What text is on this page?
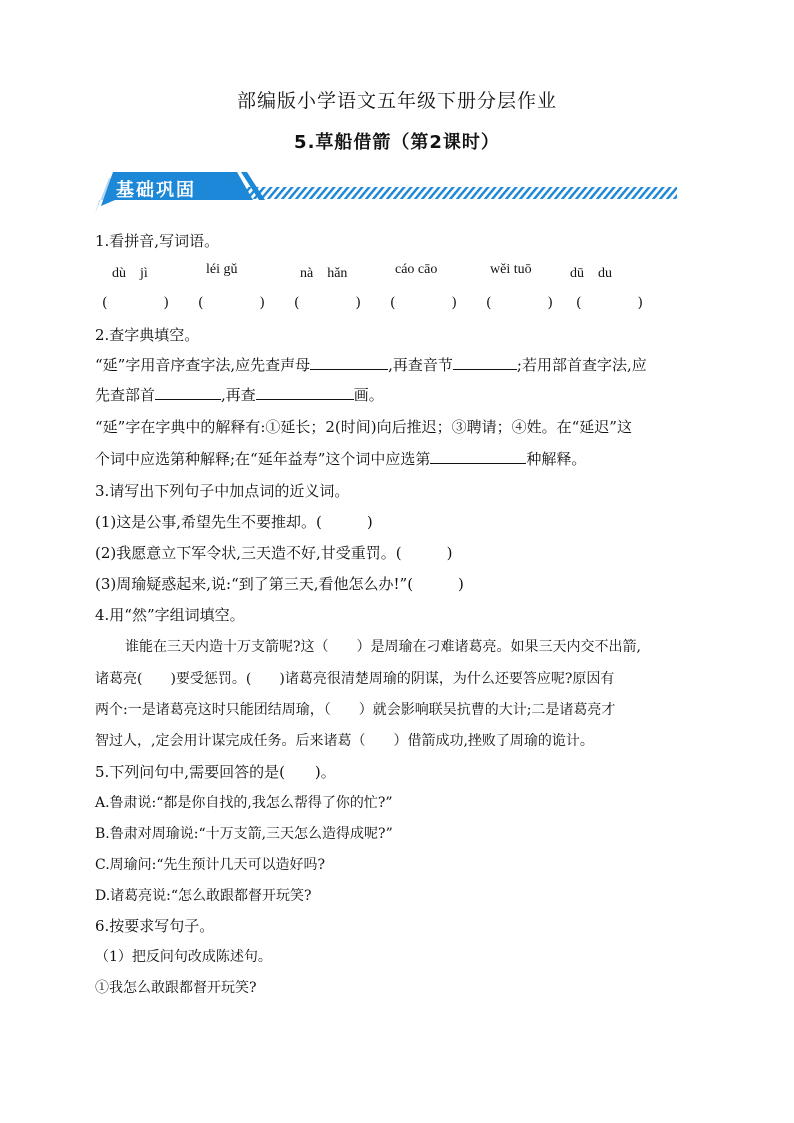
部编版小学语文五年级下册分层作业
5.草船借箭（第2课时）
基础巩固
1.看拼音,写词语。
dù　jì	léi gǔ	nà　hǎn	cáo cāo	wěi tuō	dū　du
(　　　　) (　　　　) (　　　　) (　　　　) (　　　　) (　　　　)
2.查字典填空。
“延”字用音序查字法,应先查声母	,再查音节	;若用部首查字法,应
先查部首	,再查	画。
“延”字在字典中的解释有:①延长；2(时间)向后推迟；③聘请；④姓。在“延迟”这
个词中应选第种解释;在“延年益寿”这个词中应选第	种解释。
3.请写出下列句子中加点词的近义词。
(1)这是公事,希望先生不要推却。(　　　)
(2)我愿意立下军令状,三天造不好,甘受重罚。(　　　)
(3)周瑜疑惑起来,说:“到了第三天,看他怎么办!”(　　　)
4.用“然”字组词填空。
谁能在三天内造十万支箭呢?这（　　）是周瑜在刁难诸葛亮。如果三天内交不出箭,
诸葛亮(　　)要受惩罚。(　　)诸葛亮很清楚周瑜的阴谋，为什么还要答应呢?原因有
两个:一是诸葛亮这时只能团结周瑜，（　　）就会影响联吴抗曹的大计;二是诸葛亮才
智过人，,定会用计谋完成任务。后来诸葛（　　）借箭成功,挫败了周瑜的诡计。
5.下列问句中,需要回答的是(　　)。
A.鲁肃说:“都是你自找的,我怎么帮得了你的忙?”
B.鲁肃对周瑜说:“十万支箭,三天怎么造得成呢?”
C.周瑜问:“先生预计几天可以造好吗?
D.诸葛亮说:“怎么敢跟都督开玩笑?
6.按要求写句子。
（1）把反问句改成陈述句。
①我怎么敢跟都督开玩笑?
